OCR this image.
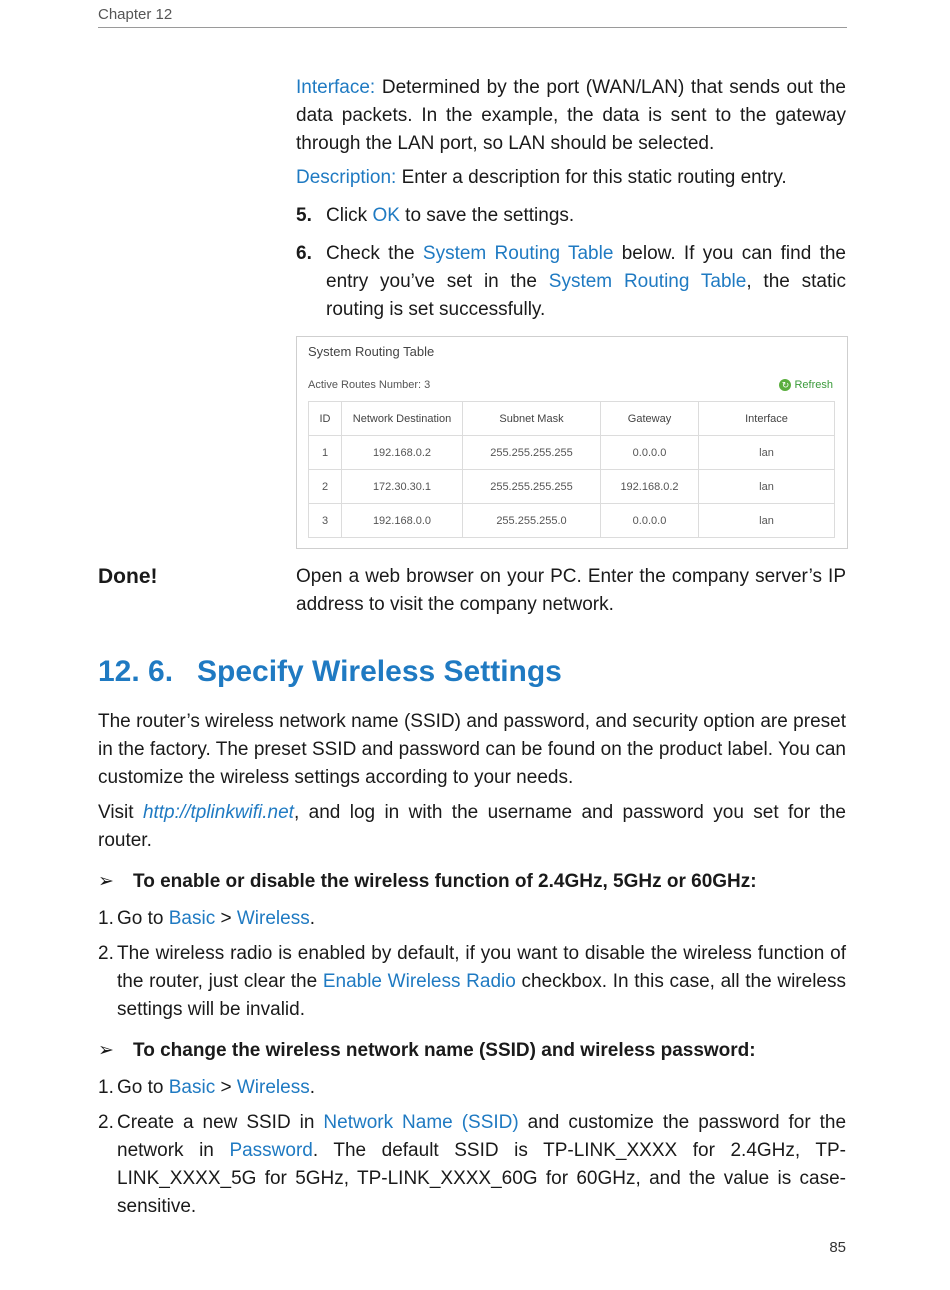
Chapter 12

Interface: Determined by the port (WAN/LAN) that sends out the data packets. In the example, the data is sent to the gateway through the LAN port, so LAN should be selected.

Description: Enter a description for this static routing entry.

5. Click OK to save the settings.

6. Check the System Routing Table below. If you can find the entry you’ve set in the System Routing Table, the static routing is set successfully.

System Routing Table
Active Routes Number: 3	↻ Refresh
ID	Network Destination	Subnet Mask	Gateway	Interface
1	192.168.0.2	255.255.255.255	0.0.0.0	lan
2	172.30.30.1	255.255.255.255	192.168.0.2	lan
3	192.168.0.0	255.255.255.0	0.0.0.0	lan
Done!	Open a web browser on your PC. Enter the company server’s IP address to visit the company network.

12. 6. Specify Wireless Settings

The router’s wireless network name (SSID) and password, and security option are preset in the factory. The preset SSID and password can be found on the product label. You can customize the wireless settings according to your needs.

Visit http://tplinkwifi.net, and log in with the username and password you set for the router.

➢ To enable or disable the wireless function of 2.4GHz, 5GHz or 60GHz:
1. Go to Basic > Wireless.
2. The wireless radio is enabled by default, if you want to disable the wireless function of the router, just clear the Enable Wireless Radio checkbox. In this case, all the wireless settings will be invalid.
➢ To change the wireless network name (SSID) and wireless password:
1. Go to Basic > Wireless.
2. Create a new SSID in Network Name (SSID) and customize the password for the network in Password. The default SSID is TP-LINK_XXXX for 2.4GHz, TP-LINK_XXXX_5G for 5GHz, TP-LINK_XXXX_60G for 60GHz, and the value is case-sensitive.
85
